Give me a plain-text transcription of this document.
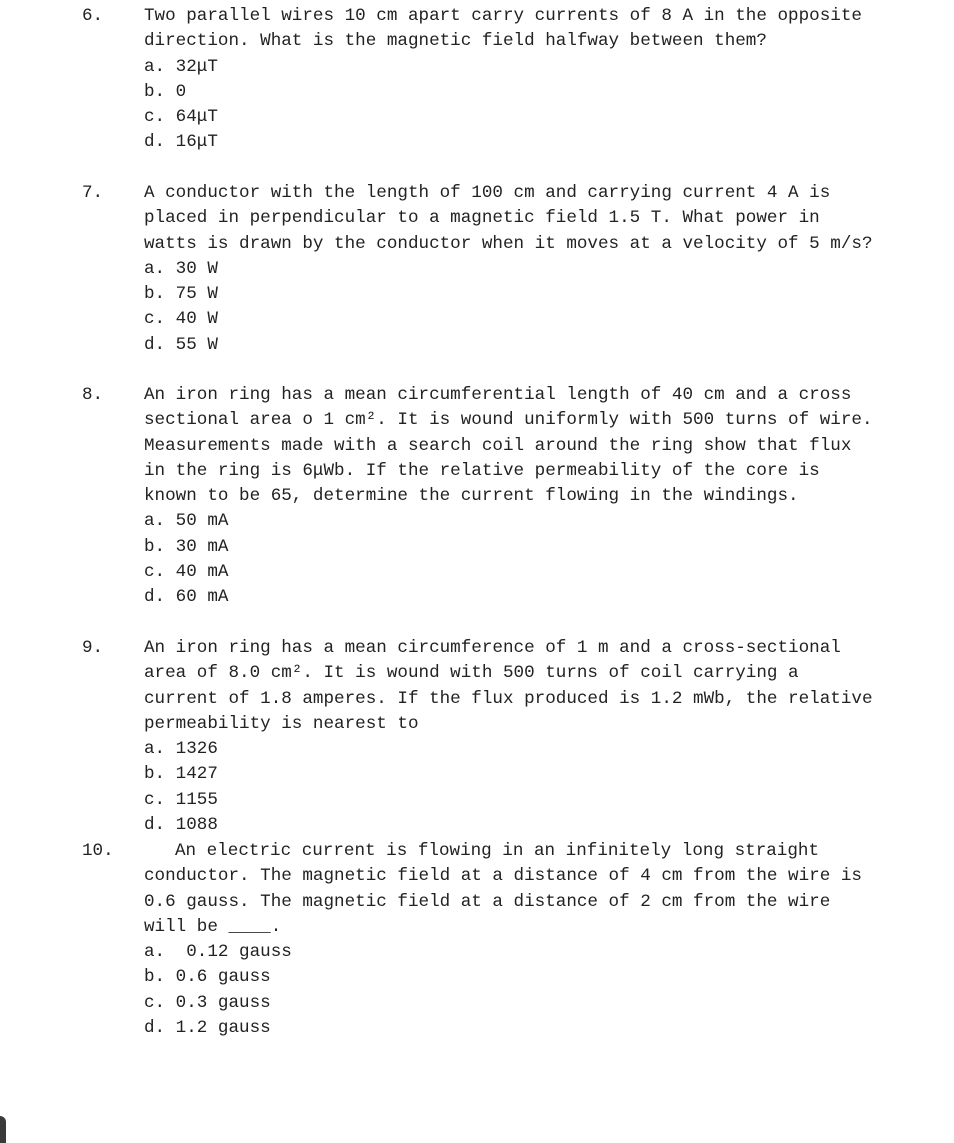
6. Two parallel wires 10 cm apart carry currents of 8 A in the opposite direction. What is the magnetic field halfway between them?

a. 32μT
b. 0
c. 64μT
d. 16μT

7. A conductor with the length of 100 cm and carrying current 4 A is placed in perpendicular to a magnetic field 1.5 T. What power in watts is drawn by the conductor when it moves at a velocity of 5 m/s?

a. 30 W
b. 75 W
c. 40 W
d. 55 W

8. An iron ring has a mean circumferential length of 40 cm and a cross sectional area o 1 cm². It is wound uniformly with 500 turns of wire. Measurements made with a search coil around the ring show that flux in the ring is 6μWb. If the relative permeability of the core is known to be 65, determine the current flowing in the windings.

a. 50 mA
b. 30 mA
c. 40 mA
d. 60 mA

9. An iron ring has a mean circumference of 1 m and a cross-sectional area of 8.0 cm². It is wound with 500 turns of coil carrying a current of 1.8 amperes. If the flux produced is 1.2 mWb, the relative permeability is nearest to

a. 1326
b. 1427
c. 1155
d. 1088

10.	An electric current is flowing in an infinitely long straight conductor. The magnetic field at a distance of 4 cm from the wire is 0.6 gauss. The magnetic field at a distance of 2 cm from the wire will be ____.

a.  0.12 gauss
b. 0.6 gauss
c. 0.3 gauss
d. 1.2 gauss
